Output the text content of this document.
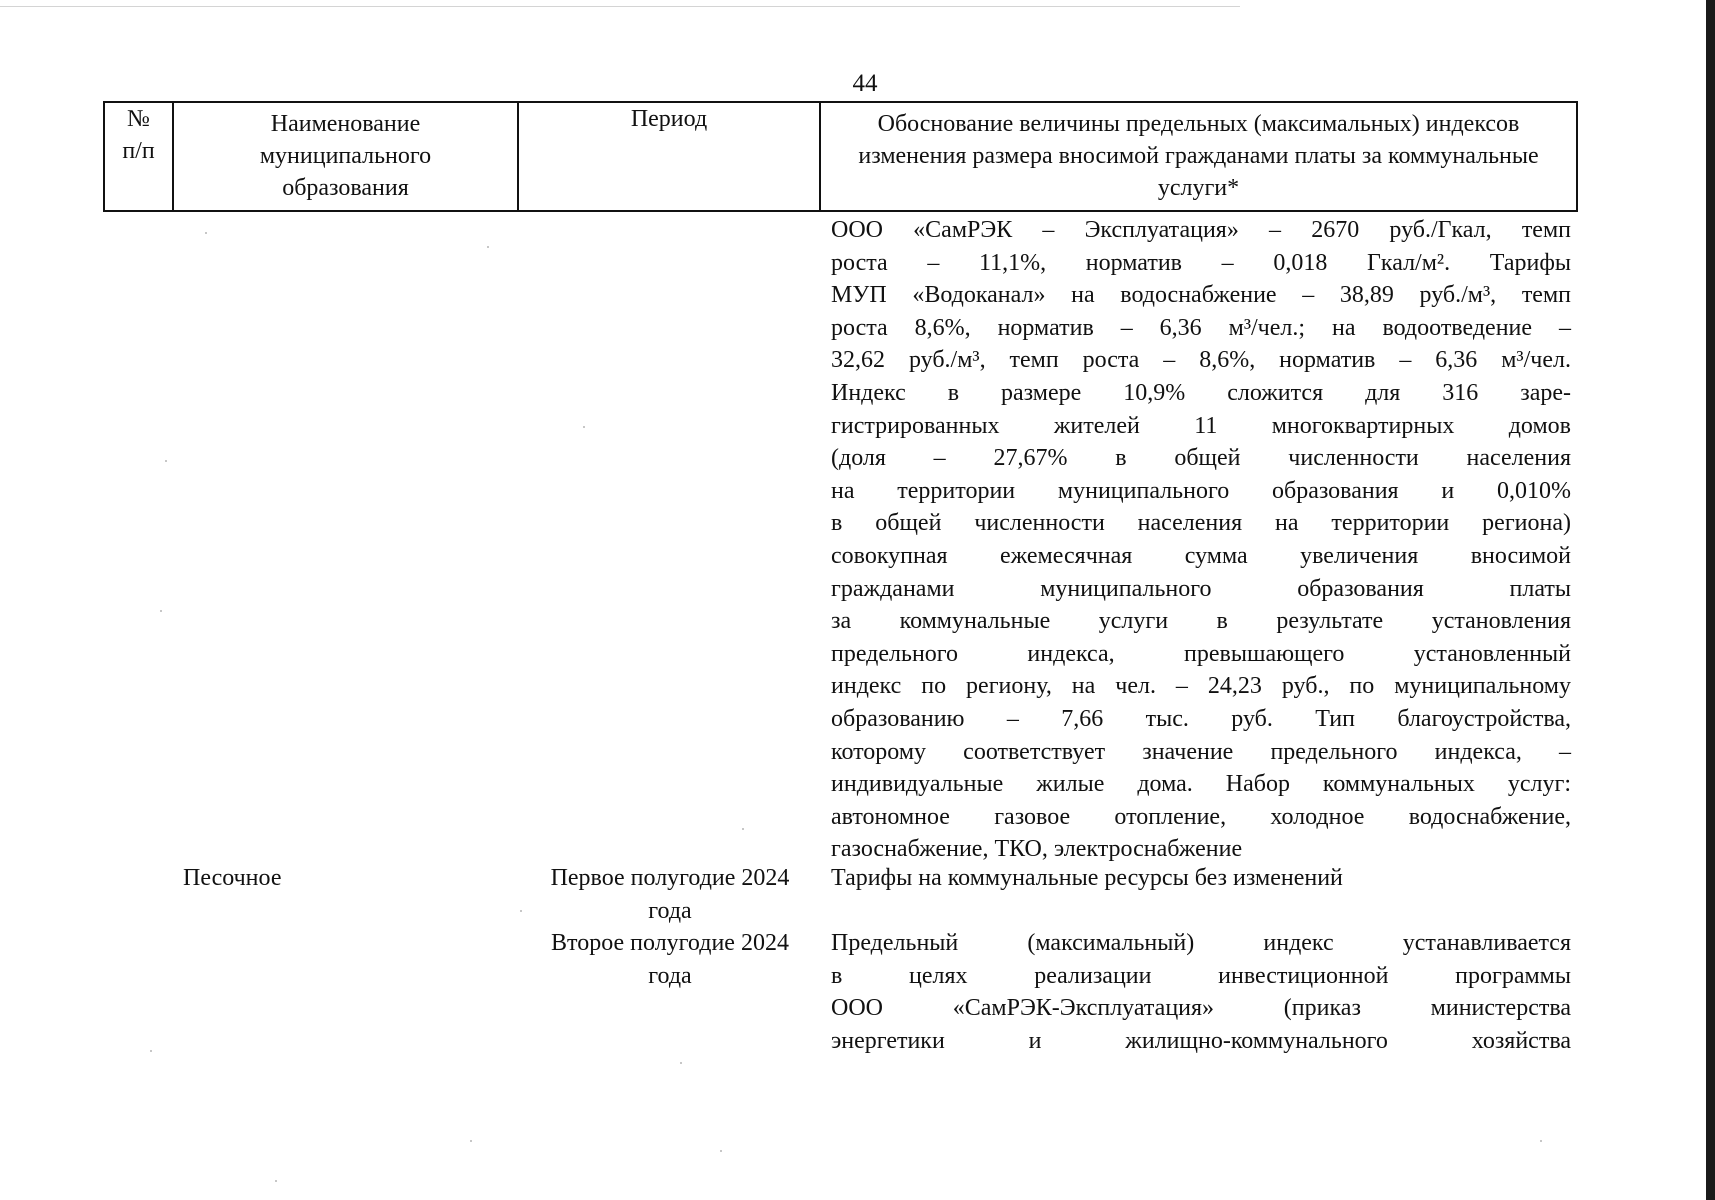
44
№ п/п
Наименование муниципального образования
Период	Обоснование величины предельных (максимальных) индексов изменения размера вносимой гражданами платы за коммунальные услуги*
ООО «СамРЭК – Эксплуатация» – 2670 руб./Гкал, темп
роста – 11,1%, норматив – 0,018 Гкал/м². Тарифы
МУП «Водоканал» на водоснабжение – 38,89 руб./м³, темп
роста 8,6%, норматив – 6,36 м³/чел.; на водоотведение –
32,62 руб./м³, темп роста – 8,6%, норматив – 6,36 м³/чел.
Индекс в размере 10,9% сложится для 316 заре-
гистрированных жителей 11 многоквартирных домов
(доля – 27,67% в общей численности населения
на территории муниципального образования и 0,010%
в общей численности населения на территории региона)
совокупная ежемесячная сумма увеличения вносимой
гражданами муниципального образования платы
за коммунальные услуги в результате установления
предельного индекса, превышающего установленный
индекс по региону, на чел. – 24,23 руб., по муниципальному
образованию – 7,66 тыс. руб. Тип благоустройства,
которому соответствует значение предельного индекса, –
индивидуальные жилые дома. Набор коммунальных услуг:
автономное газовое отопление, холодное водоснабжение,
газоснабжение, ТКО, электроснабжение
Песочное	Первое полугодие 2024 года
Тарифы на коммунальные ресурсы без изменений
Второе полугодие 2024 года
Предельный (максимальный) индекс устанавливается
в целях реализации инвестиционной программы
ООО «СамРЭК-Эксплуатация» (приказ министерства
энергетики и жилищно-коммунального хозяйства
